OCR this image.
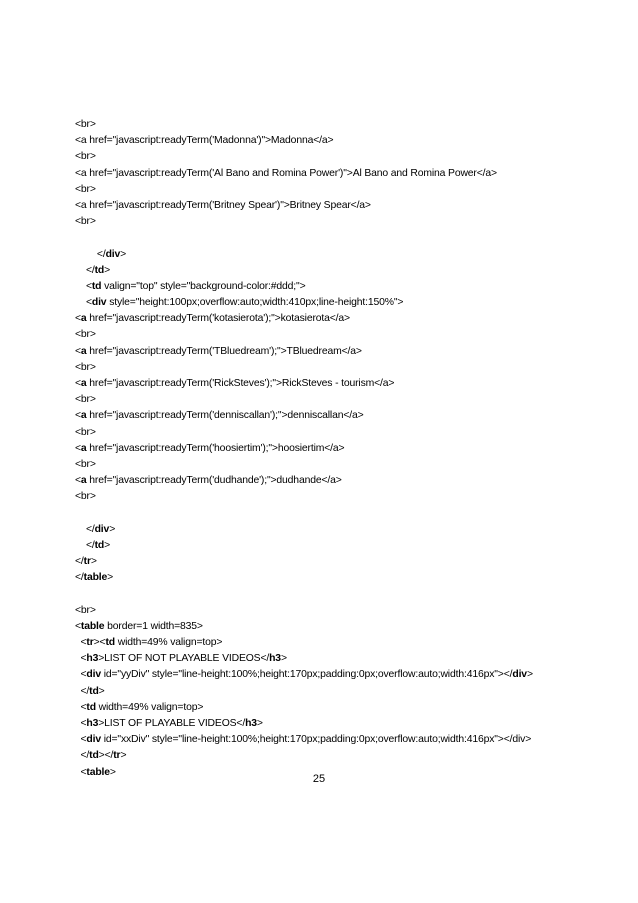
<br>
<a href="javascript:readyTerm('Madonna')">Madonna</a>
<br>
<a href="javascript:readyTerm('Al Bano and Romina Power')">Al Bano and Romina Power</a>
<br>
<a href="javascript:readyTerm('Britney Spear')">Britney Spear</a>
<br>
</div>
</td>
<td valign="top" style="background-color:#ddd;">
<div style="height:100px;overflow:auto;width:410px;line-height:150%">
<a href="javascript:readyTerm('kotasierota');">kotasierota</a>
<br>
<a href="javascript:readyTerm('TBluedream');">TBluedream</a>
<br>
<a href="javascript:readyTerm('RickSteves');">RickSteves - tourism</a>
<br>
<a href="javascript:readyTerm('denniscallan');">denniscallan</a>
<br>
<a href="javascript:readyTerm('hoosiertim');">hoosiertim</a>
<br>
<a href="javascript:readyTerm('dudhande');">dudhande</a>
<br>
</div>
</td>
</tr>
</table>
<br>
<table border=1 width=835>
<tr><td width=49% valign=top>
<h3>LIST OF NOT PLAYABLE VIDEOS</h3>
<div id="yyDiv" style="line-height:100%;height:170px;padding:0px;overflow:auto;width:416px"></div>
</td>
<td width=49% valign=top>
<h3>LIST OF PLAYABLE VIDEOS</h3>
<div id="xxDiv" style="line-height:100%;height:170px;padding:0px;overflow:auto;width:416px"></div>
</td></tr>
<table>
25
